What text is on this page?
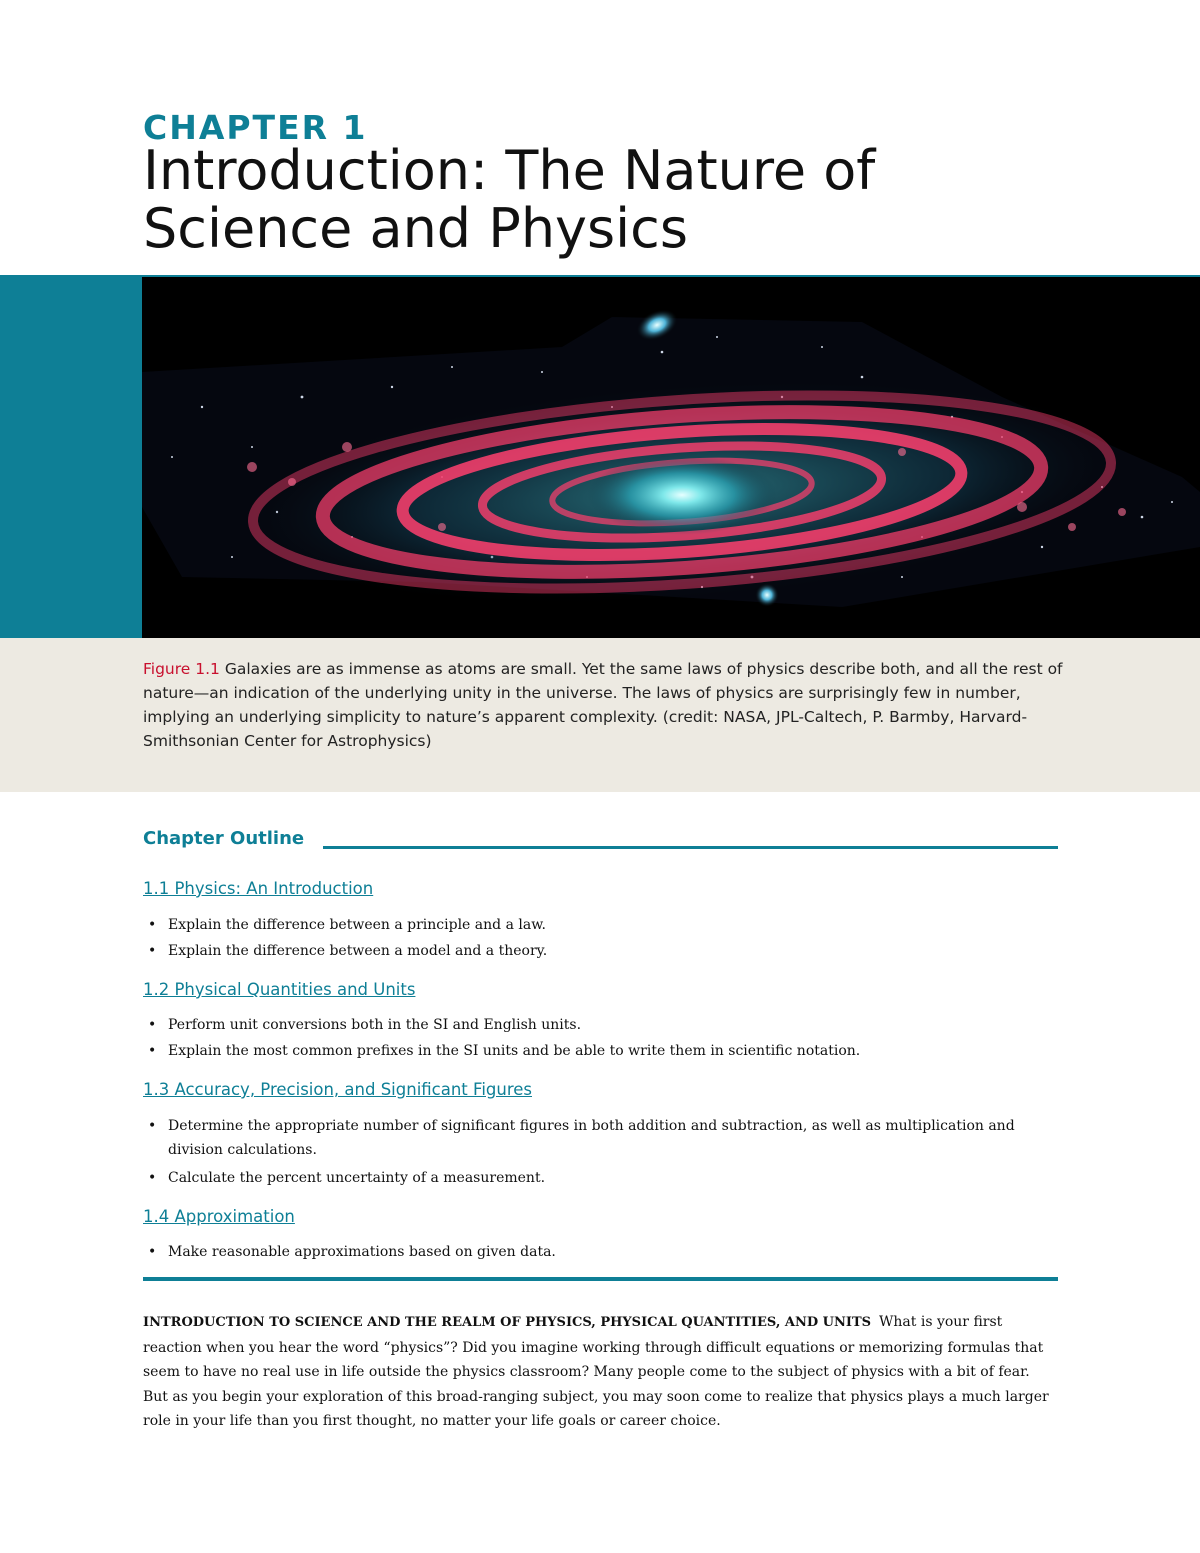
CHAPTER 1
Introduction: The Nature of
Science and Physics
Figure 1.1 Galaxies are as immense as atoms are small. Yet the same laws of physics describe both, and all the rest of nature—an indication of the underlying unity in the universe. The laws of physics are surprisingly few in number, implying an underlying simplicity to nature’s apparent complexity. (credit: NASA, JPL-Caltech, P. Barmby, Harvard-Smithsonian Center for Astrophysics)
Chapter Outline
1.1 Physics: An Introduction
• Explain the difference between a principle and a law.
• Explain the difference between a model and a theory.
1.2 Physical Quantities and Units
• Perform unit conversions both in the SI and English units.
• Explain the most common prefixes in the SI units and be able to write them in scientific notation.
1.3 Accuracy, Precision, and Significant Figures
• Determine the appropriate number of significant figures in both addition and subtraction, as well as multiplication and division calculations.
• Calculate the percent uncertainty of a measurement.
1.4 Approximation
• Make reasonable approximations based on given data.
INTRODUCTION TO SCIENCE AND THE REALM OF PHYSICS, PHYSICAL QUANTITIES, AND UNITS What is your first reaction when you hear the word “physics”? Did you imagine working through difficult equations or memorizing formulas that seem to have no real use in life outside the physics classroom? Many people come to the subject of physics with a bit of fear. But as you begin your exploration of this broad-ranging subject, you may soon come to realize that physics plays a much larger role in your life than you first thought, no matter your life goals or career choice.
